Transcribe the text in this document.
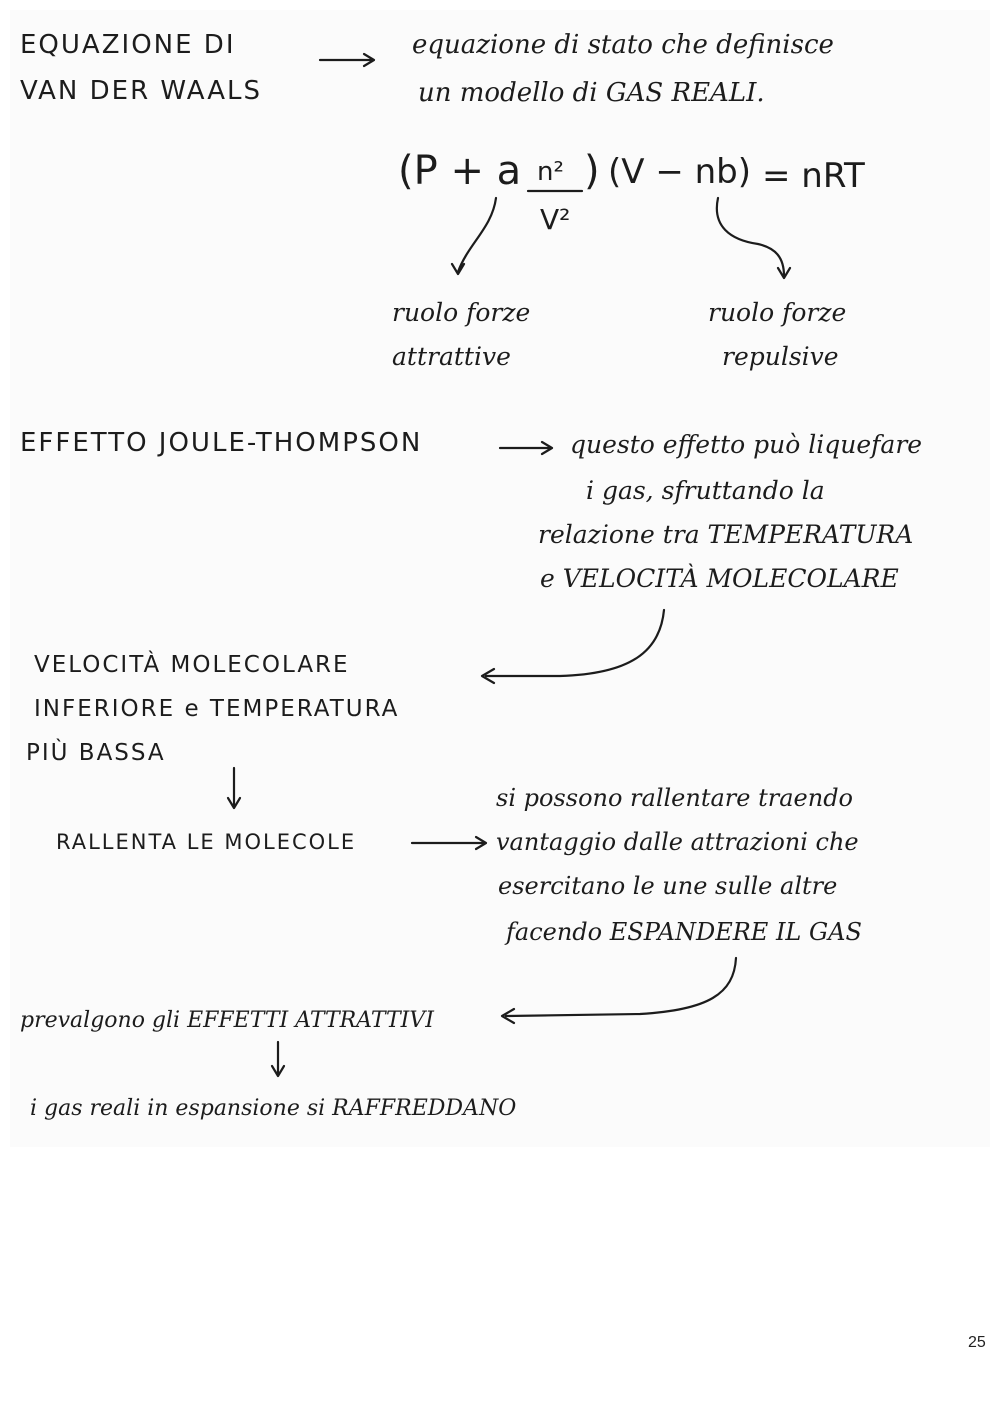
EQUAZIONE DI
VAN DER WAALS
equazione di stato che definisce
un modello di GAS REALI.
(P + a n²
V²
) (V − nb) = nRT
ruolo forze
attrattive
ruolo forze
repulsive
EFFETTO JOULE-THOMPSON	questo effetto può liquefare
i gas, sfruttando la
relazione tra TEMPERATURA
e VELOCITÀ MOLECOLARE
VELOCITÀ MOLECOLARE
INFERIORE e TEMPERATURA
PIÙ BASSA
RALLENTA LE MOLECOLE
si possono rallentare traendo
vantaggio dalle attrazioni che
esercitano le une sulle altre
facendo ESPANDERE IL GAS
prevalgono gli EFFETTI ATTRATTIVI
i gas reali in espansione si RAFFREDDANO
25
